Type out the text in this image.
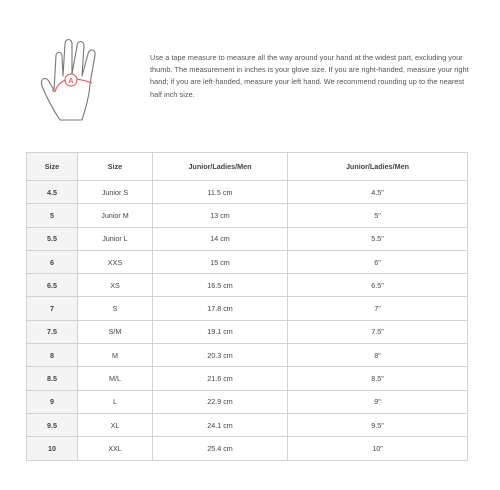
A

Use a tape measure to measure all the way around your hand at the widest part, excluding your thumb. The measurement in inches is your glove size. If you are right-handed, measure your right hand; if you are left-handed, measure your left hand. We recommend rounding up to the nearest half inch size.

Size	Size	Junior/Ladies/Men	Junior/Ladies/Men
4.5	Junior S	11.5 cm	4.5"
5	Junior M	13 cm	5"
5.5	Junior L	14 cm	5.5"
6	XXS	15 cm	6"
6.5	XS	16.5 cm	6.5"
7	S	17.8 cm	7"
7.5	S/M	19.1 cm	7.5"
8	M	20.3 cm	8"
8.5	M/L	21.6 cm	8.5"
9	L	22.9 cm	9"
9.5	XL	24.1 cm	9.5"
10	XXL	25.4 cm	10"
